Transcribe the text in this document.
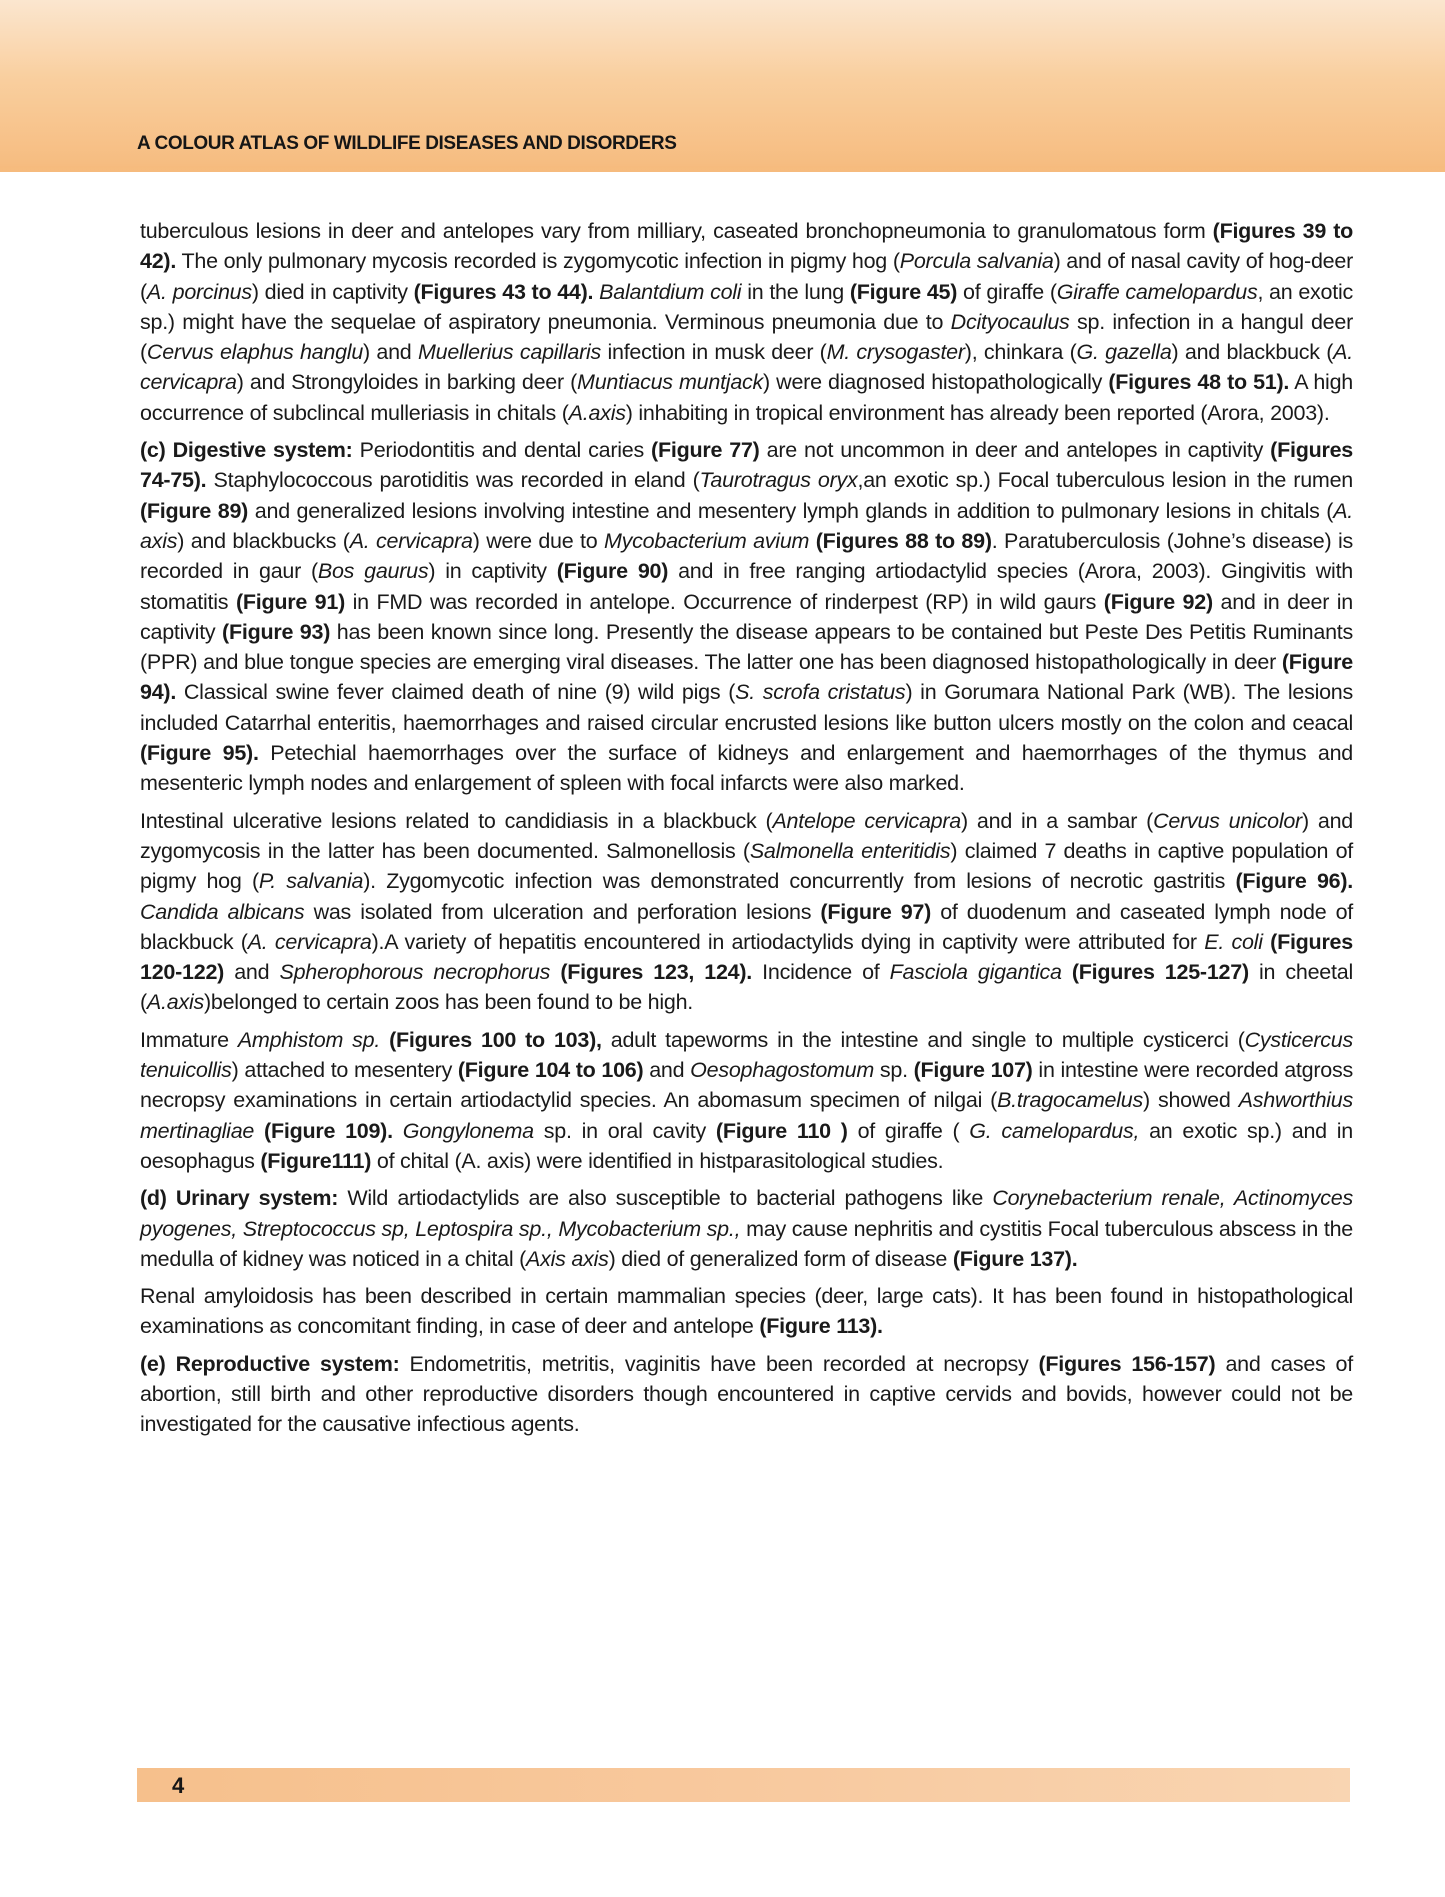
A COLOUR ATLAS OF WILDLIFE DISEASES AND DISORDERS

tuberculous lesions in deer and antelopes vary from milliary, caseated bronchopneumonia to granulomatous form (Figures 39 to 42). The only pulmonary mycosis recorded is zygomycotic infection in pigmy hog (Porcula salvania) and of nasal cavity of hog-deer (A. porcinus) died in captivity (Figures 43 to 44). Balantdium coli in the lung (Figure 45) of giraffe (Giraffe camelopardus, an exotic sp.) might have the sequelae of aspiratory pneumonia. Verminous pneumonia due to Dcityocaulus sp. infection in a hangul deer (Cervus elaphus hanglu) and Muellerius capillaris infection in musk deer (M. crysogaster), chinkara (G. gazella) and blackbuck (A. cervicapra) and Strongyloides in barking deer (Muntiacus muntjack) were diagnosed histopathologically (Figures 48 to 51). A high occurrence of subclincal mulleriasis in chitals (A.axis) inhabiting in tropical environment has already been reported (Arora, 2003).

(c) Digestive system: Periodontitis and dental caries (Figure 77) are not uncommon in deer and antelopes in captivity (Figures 74-75). Staphylococcous parotiditis was recorded in eland (Taurotragus oryx,an exotic sp.) Focal tuberculous lesion in the rumen (Figure 89) and generalized lesions involving intestine and mesentery lymph glands in addition to pulmonary lesions in chitals (A. axis) and blackbucks (A. cervicapra) were due to Mycobacterium avium (Figures 88 to 89). Paratuberculosis (Johne’s disease) is recorded in gaur (Bos gaurus) in captivity (Figure 90) and in free ranging artiodactylid species (Arora, 2003). Gingivitis with stomatitis (Figure 91) in FMD was recorded in antelope. Occurrence of rinderpest (RP) in wild gaurs (Figure 92) and in deer in captivity (Figure 93) has been known since long. Presently the disease appears to be contained but Peste Des Petitis Ruminants (PPR) and blue tongue species are emerging viral diseases. The latter one has been diagnosed histopathologically in deer (Figure 94). Classical swine fever claimed death of nine (9) wild pigs (S. scrofa cristatus) in Gorumara National Park (WB). The lesions included Catarrhal enteritis, haemorrhages and raised circular encrusted lesions like button ulcers mostly on the colon and ceacal (Figure 95). Petechial haemorrhages over the surface of kidneys and enlargement and haemorrhages of the thymus and mesenteric lymph nodes and enlargement of spleen with focal infarcts were also marked.

Intestinal ulcerative lesions related to candidiasis in a blackbuck (Antelope cervicapra) and in a sambar (Cervus unicolor) and zygomycosis in the latter has been documented. Salmonellosis (Salmonella enteritidis) claimed 7 deaths in captive population of pigmy hog (P. salvania). Zygomycotic infection was demonstrated concurrently from lesions of necrotic gastritis (Figure 96). Candida albicans was isolated from ulceration and perforation lesions (Figure 97) of duodenum and caseated lymph node of blackbuck (A. cervicapra).A variety of hepatitis encountered in artiodactylids dying in captivity were attributed for E. coli (Figures 120-122) and Spherophorous necrophorus (Figures 123, 124). Incidence of Fasciola gigantica (Figures 125-127) in cheetal (A.axis)belonged to certain zoos has been found to be high.

Immature Amphistom sp. (Figures 100 to 103), adult tapeworms in the intestine and single to multiple cysticerci (Cysticercus tenuicollis) attached to mesentery (Figure 104 to 106) and Oesophagostomum sp. (Figure 107) in intestine were recorded atgross necropsy examinations in certain artiodactylid species. An abomasum specimen of nilgai (B.tragocamelus) showed Ashworthius mertinagliae (Figure 109). Gongylonema sp. in oral cavity (Figure 110 ) of giraffe ( G. camelopardus, an exotic sp.) and in oesophagus (Figure111) of chital (A. axis) were identified in histparasitological studies.

(d) Urinary system: Wild artiodactylids are also susceptible to bacterial pathogens like Corynebacterium renale, Actinomyces pyogenes, Streptococcus sp, Leptospira sp., Mycobacterium sp., may cause nephritis and cystitis Focal tuberculous abscess in the medulla of kidney was noticed in a chital (Axis axis) died of generalized form of disease (Figure 137).

Renal amyloidosis has been described in certain mammalian species (deer, large cats). It has been found in histopathological examinations as concomitant finding, in case of deer and antelope (Figure 113).

(e) Reproductive system: Endometritis, metritis, vaginitis have been recorded at necropsy (Figures 156-157) and cases of abortion, still birth and other reproductive disorders though encountered in captive cervids and bovids, however could not be investigated for the causative infectious agents.

4
